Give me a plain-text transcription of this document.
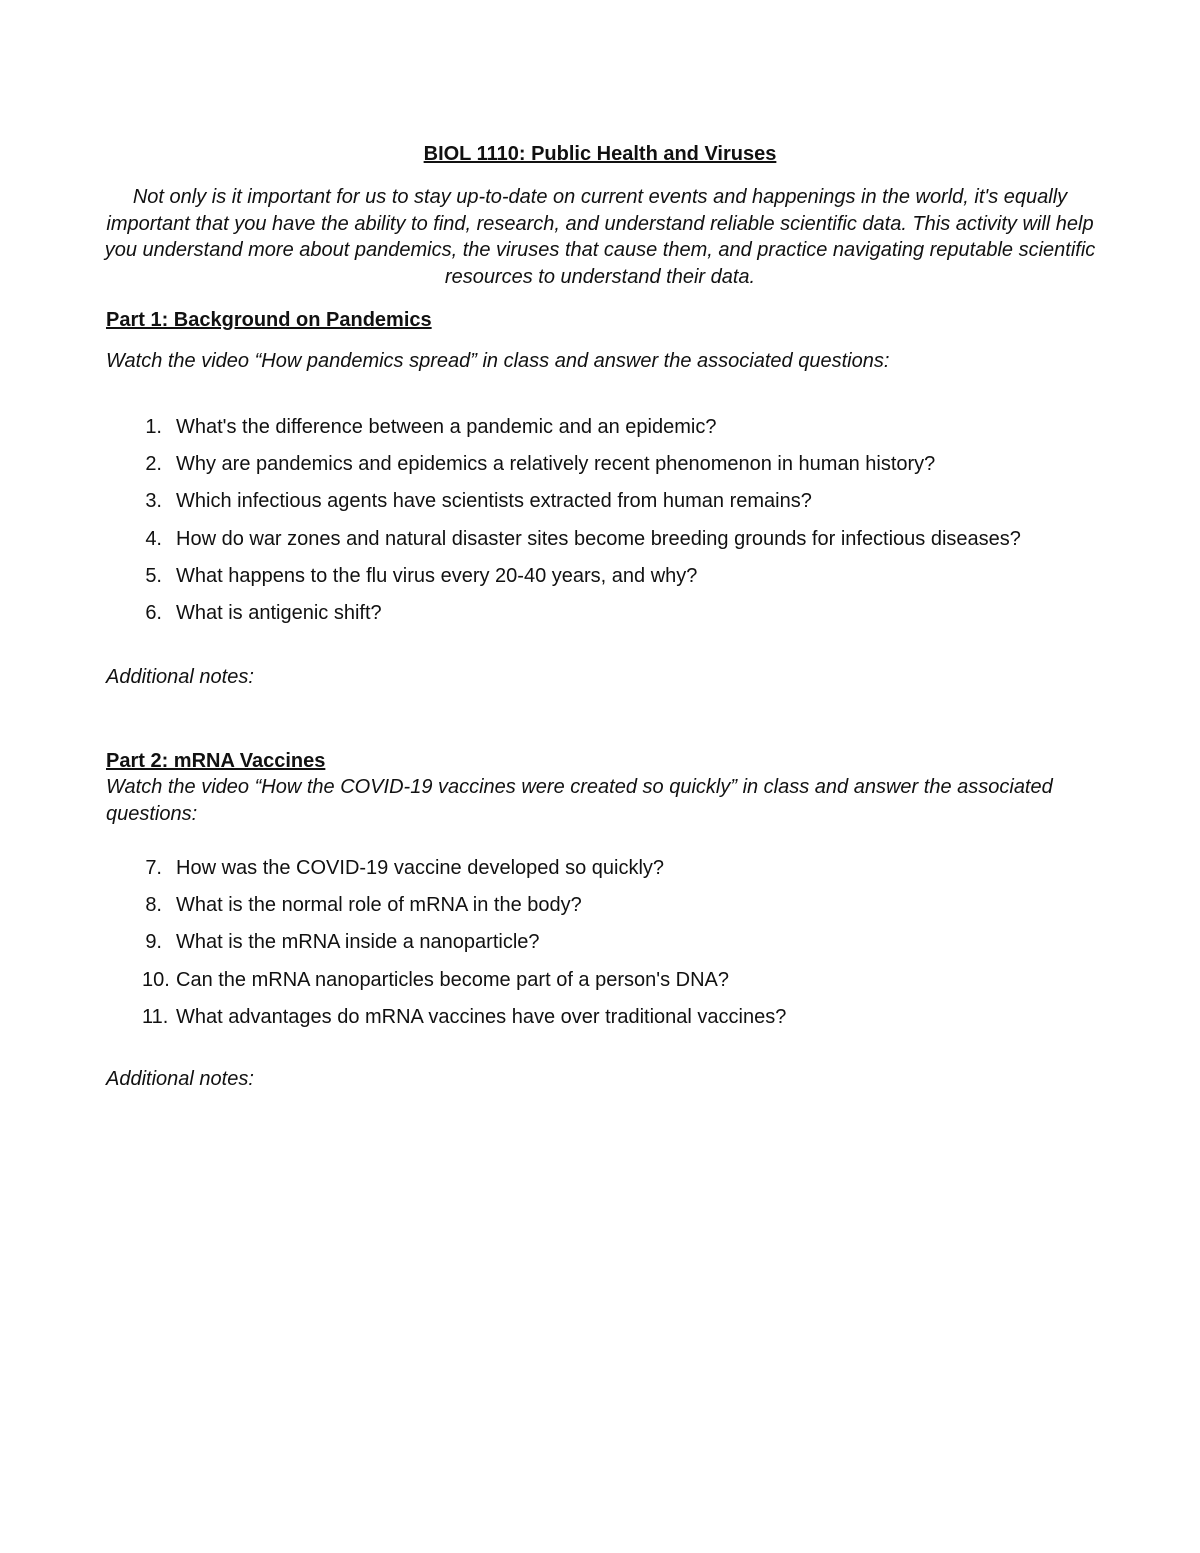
BIOL 1110: Public Health and Viruses

Not only is it important for us to stay up-to-date on current events and happenings in the world, it's equally important that you have the ability to find, research, and understand reliable scientific data. This activity will help you understand more about pandemics, the viruses that cause them, and practice navigating reputable scientific resources to understand their data.

Part 1: Background on Pandemics

Watch the video “How pandemics spread” in class and answer the associated questions:

1. What's the difference between a pandemic and an epidemic?
2. Why are pandemics and epidemics a relatively recent phenomenon in human history?
3. Which infectious agents have scientists extracted from human remains?
4. How do war zones and natural disaster sites become breeding grounds for infectious diseases?
5. What happens to the flu virus every 20-40 years, and why?
6. What is antigenic shift?

Additional notes:

Part 2: mRNA Vaccines

Watch the video “How the COVID-19 vaccines were created so quickly” in class and answer the associated questions:

7. How was the COVID-19 vaccine developed so quickly?
8. What is the normal role of mRNA in the body?
9. What is the mRNA inside a nanoparticle?
10. Can the mRNA nanoparticles become part of a person's DNA?
11. What advantages do mRNA vaccines have over traditional vaccines?

Additional notes:
